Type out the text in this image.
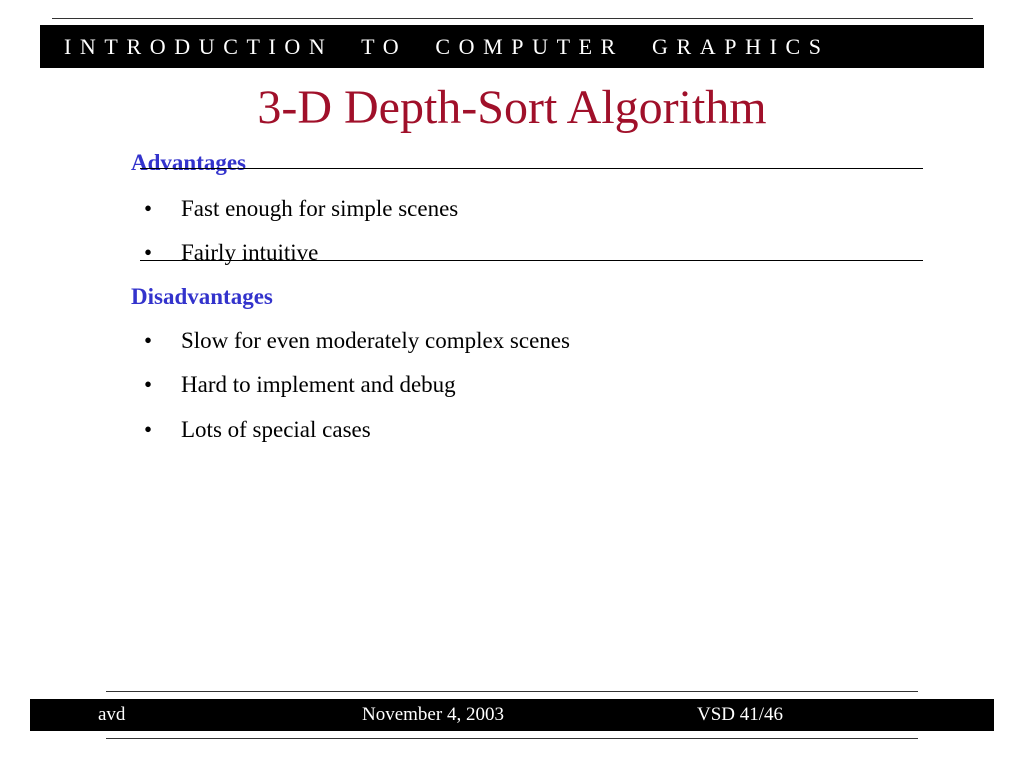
INTRODUCTION TO COMPUTER GRAPHICS
3-D Depth-Sort Algorithm
Advantages
• Fast enough for simple scenes
• Fairly intuitive
Disadvantages
• Slow for even moderately complex scenes
• Hard to implement and debug
• Lots of special cases
avd	November 4, 2003	VSD 41/46
